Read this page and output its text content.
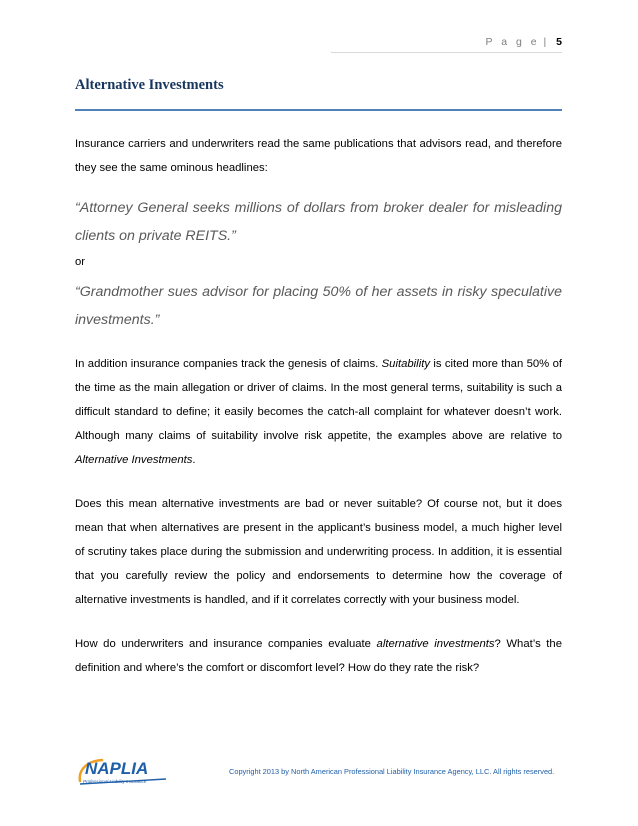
P a g e | 5
Alternative Investments

Insurance carriers and underwriters read the same publications that advisors read, and therefore they see the same ominous headlines:

“Attorney General seeks millions of dollars from broker dealer for misleading clients on private REITS.”

or

“Grandmother sues advisor for placing 50% of her assets in risky speculative investments.”

In addition insurance companies track the genesis of claims. Suitability is cited more than 50% of the time as the main allegation or driver of claims. In the most general terms, suitability is such a difficult standard to define; it easily becomes the catch-all complaint for whatever doesn’t work. Although many claims of suitability involve risk appetite, the examples above are relative to Alternative Investments.

Does this mean alternative investments are bad or never suitable? Of course not, but it does mean that when alternatives are present in the applicant’s business model, a much higher level of scrutiny takes place during the submission and underwriting process. In addition, it is essential that you carefully review the policy and endorsements to determine how the coverage of alternative investments is handled, and if it correlates correctly with your business model.

How do underwriters and insurance companies evaluate alternative investments? What’s the definition and where’s the comfort or discomfort level? How do they rate the risk?

NAPLIA
Professional Liability Insurance
Copyright 2013 by North American Professional Liability Insurance Agency, LLC. All rights reserved.
